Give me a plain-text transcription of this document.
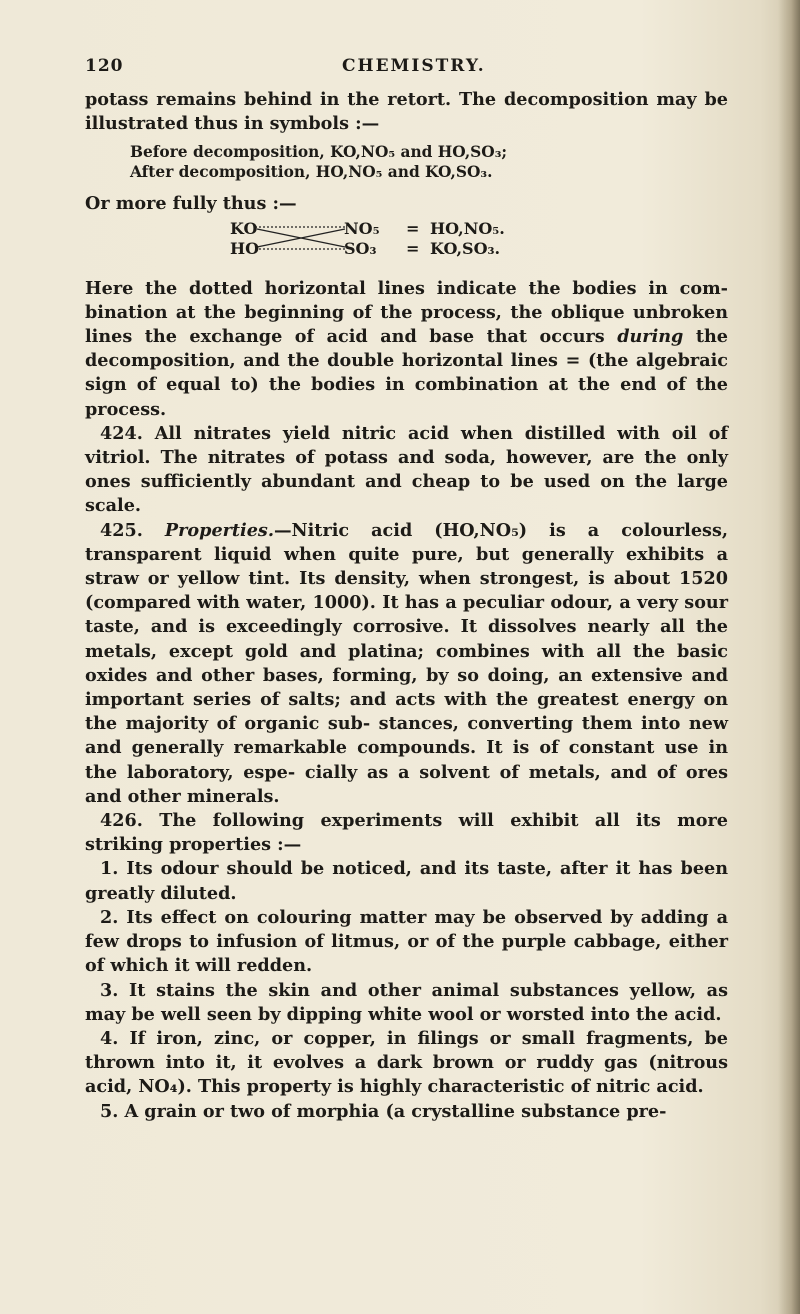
120	CHEMISTRY.

potass remains behind in the retort. The decomposition may be illustrated thus in symbols :—

Before decomposition, KO,NO₅ and HO,SO₃;
After decomposition, HO,NO₅ and KO,SO₃.

Or more fully thus :—

KO	NO₅ = HO,NO₅.
HO	SO₃ = KO,SO₃.

Here the dotted horizontal lines indicate the bodies in com- bination at the beginning of the process, the oblique unbroken lines the exchange of acid and base that occurs during the decomposition, and the double horizontal lines = (the algebraic sign of equal to) the bodies in combination at the end of the process.

424. All nitrates yield nitric acid when distilled with oil of vitriol. The nitrates of potass and soda, however, are the only ones sufficiently abundant and cheap to be used on the large scale.

425. Properties.—Nitric acid (HO,NO₅) is a colourless, transparent liquid when quite pure, but generally exhibits a straw or yellow tint. Its density, when strongest, is about 1520 (compared with water, 1000). It has a peculiar odour, a very sour taste, and is exceedingly corrosive. It dissolves nearly all the metals, except gold and platina; combines with all the basic oxides and other bases, forming, by so doing, an extensive and important series of salts; and acts with the greatest energy on the majority of organic sub- stances, converting them into new and generally remarkable compounds. It is of constant use in the laboratory, espe- cially as a solvent of metals, and of ores and other minerals.

426. The following experiments will exhibit all its more striking properties :—

1. Its odour should be noticed, and its taste, after it has been greatly diluted.

2. Its effect on colouring matter may be observed by adding a few drops to infusion of litmus, or of the purple cabbage, either of which it will redden.

3. It stains the skin and other animal substances yellow, as may be well seen by dipping white wool or worsted into the acid.

4. If iron, zinc, or copper, in filings or small fragments, be thrown into it, it evolves a dark brown or ruddy gas (nitrous acid, NO₄). This property is highly characteristic of nitric acid.

5. A grain or two of morphia (a crystalline substance pre-
